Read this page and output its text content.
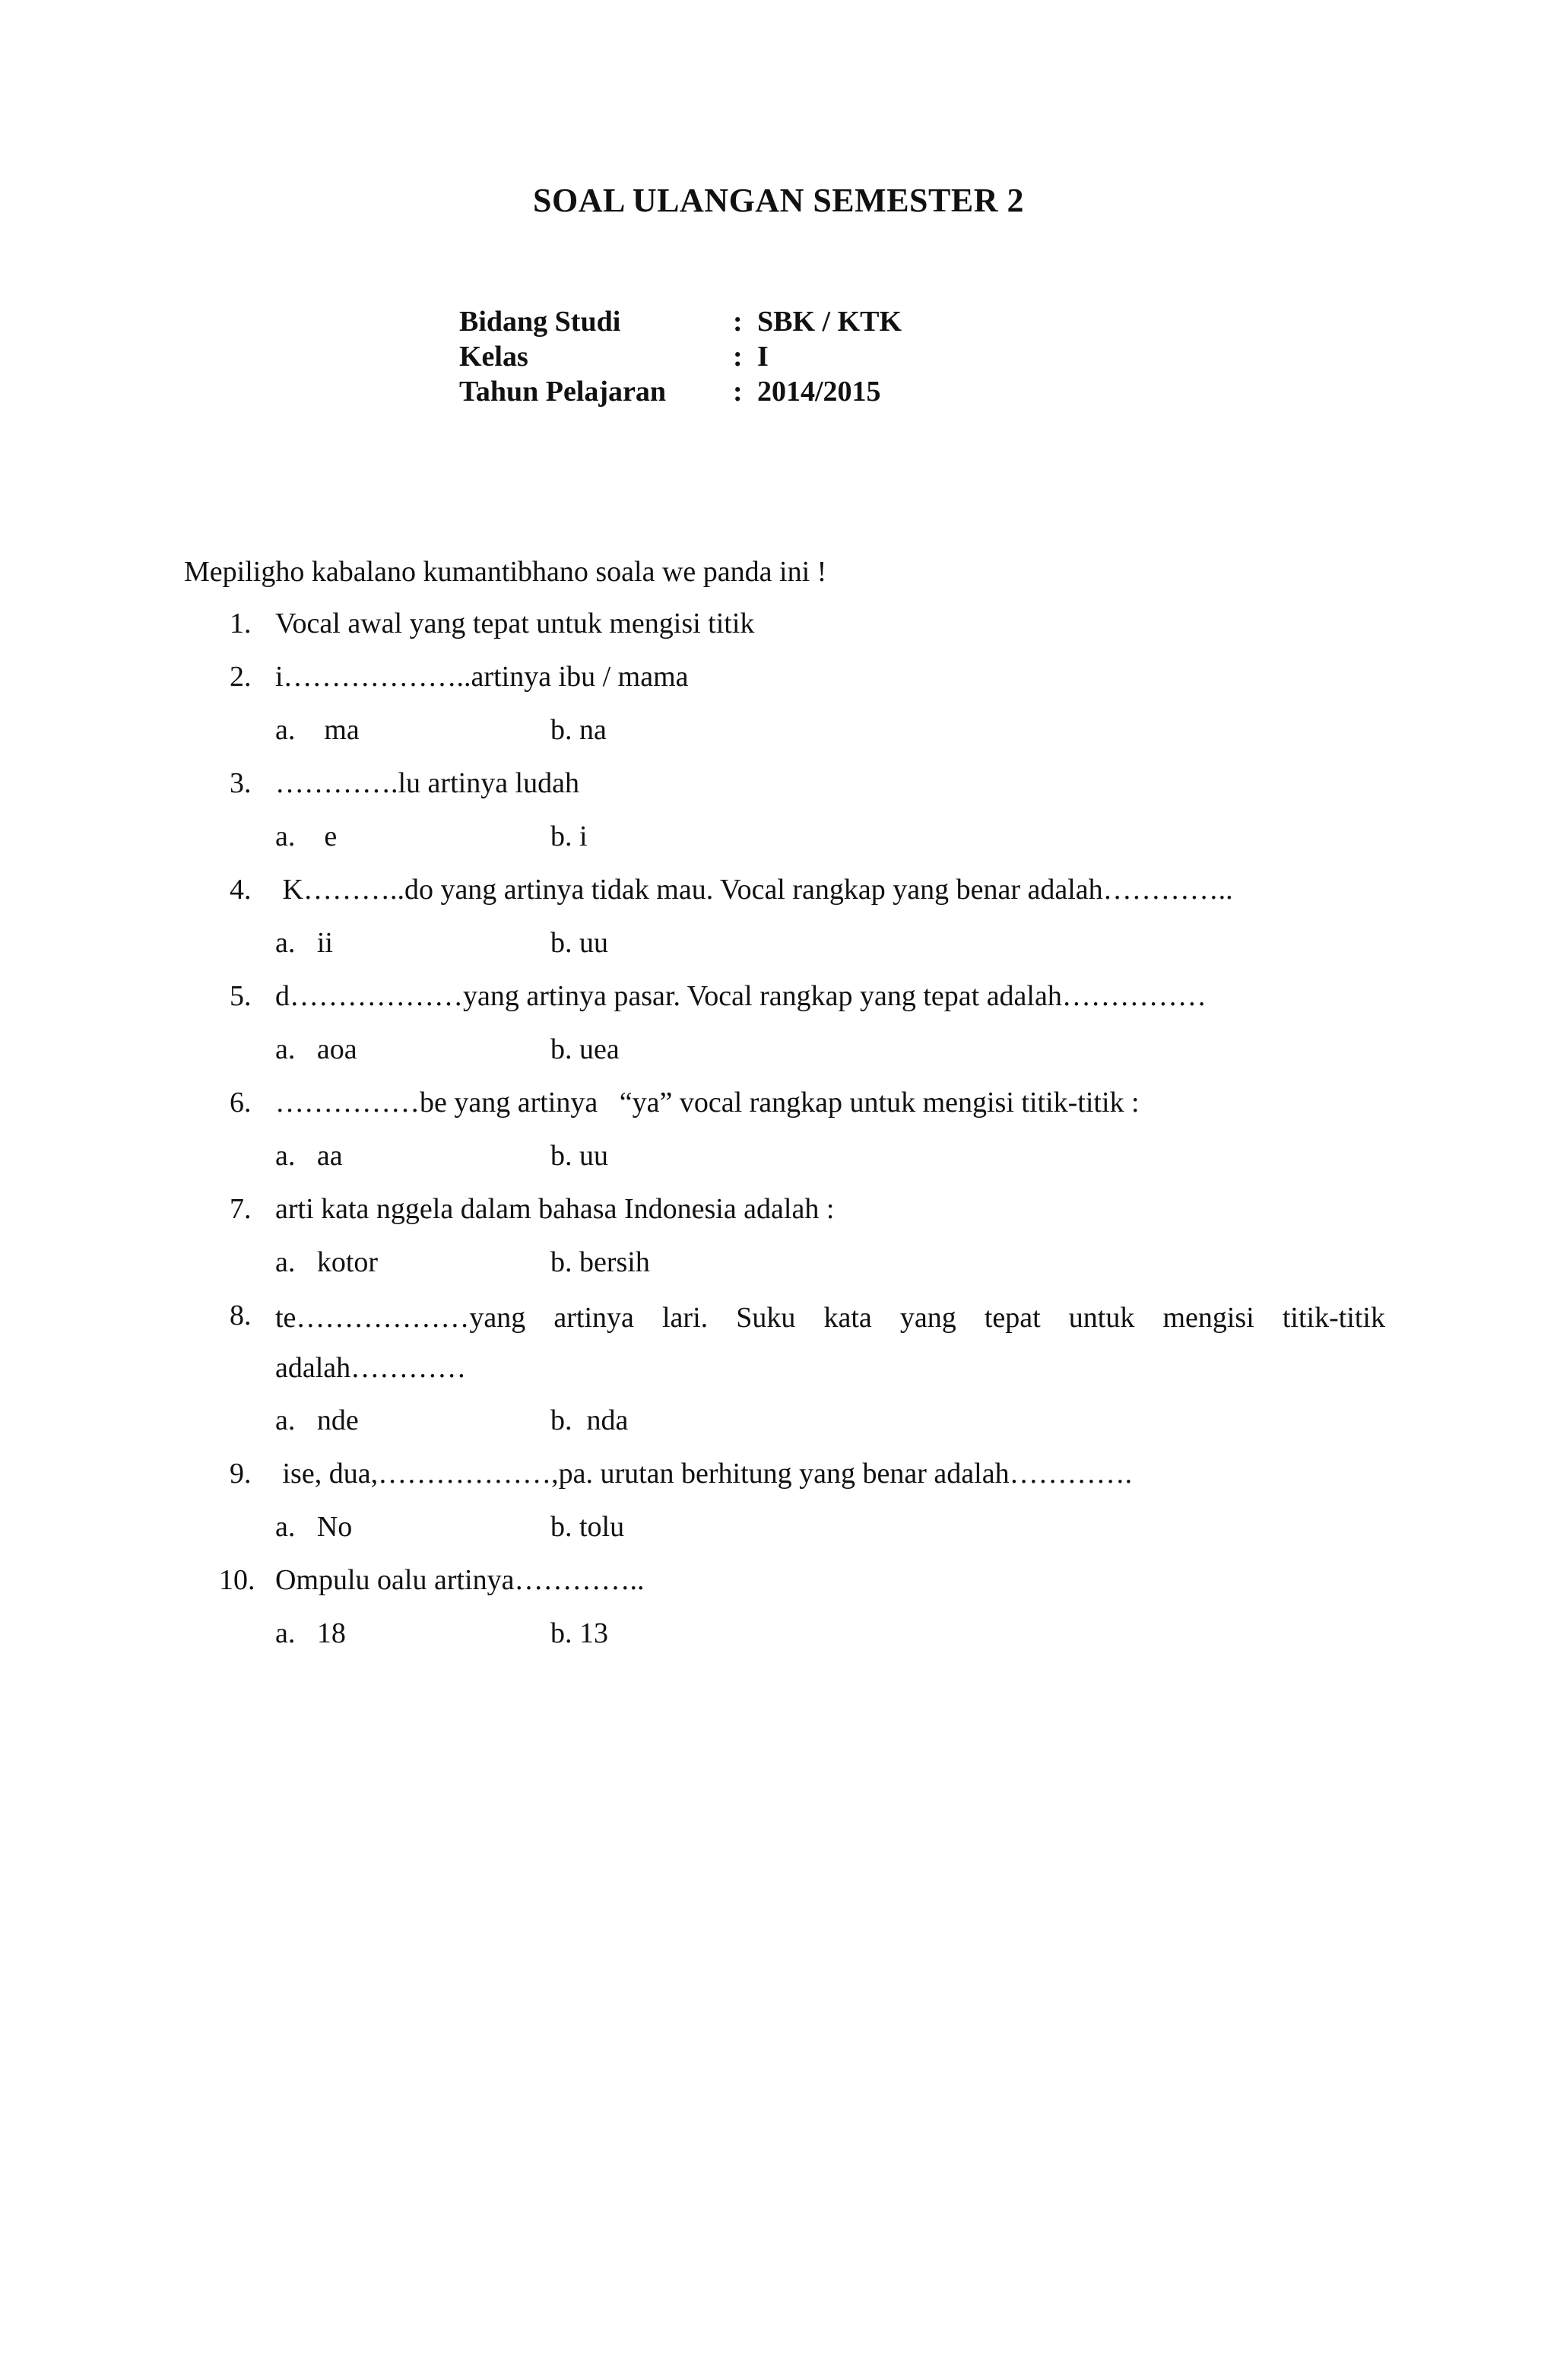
SOAL ULANGAN SEMESTER 2
Bidang Studi	: SBK / KTK
Kelas	: I
Tahun Pelajaran : 2014/2015
Mepiligho kabalano kumantibhano soala we panda ini !
1. Vocal awal yang tepat untuk mengisi titik
2. i………………..artinya ibu / mama
a.    ma	b. na
3. ………….lu artinya ludah
a.    e	b. i
4. K………..do yang artinya tidak mau. Vocal rangkap yang benar adalah…………..
a.   ii	b. uu
5. d………………yang artinya pasar. Vocal rangkap yang tepat adalah……………
a.   aoa	b. uea
6. ……………be yang artinya   “ya” vocal rangkap untuk mengisi titik-titik :
a.   aa	b. uu
7. arti kata nggela dalam bahasa Indonesia adalah :
a.   kotor	b. bersih
8. te………………yang artinya lari. Suku kata yang tepat untuk mengisi titik-titik adalah…………
a.   nde	b.  nda
9. ise, dua,………………,pa. urutan berhitung yang benar adalah………….
a.   No	b. tolu
10. Ompulu oalu artinya…………..
a.   18	b. 13
